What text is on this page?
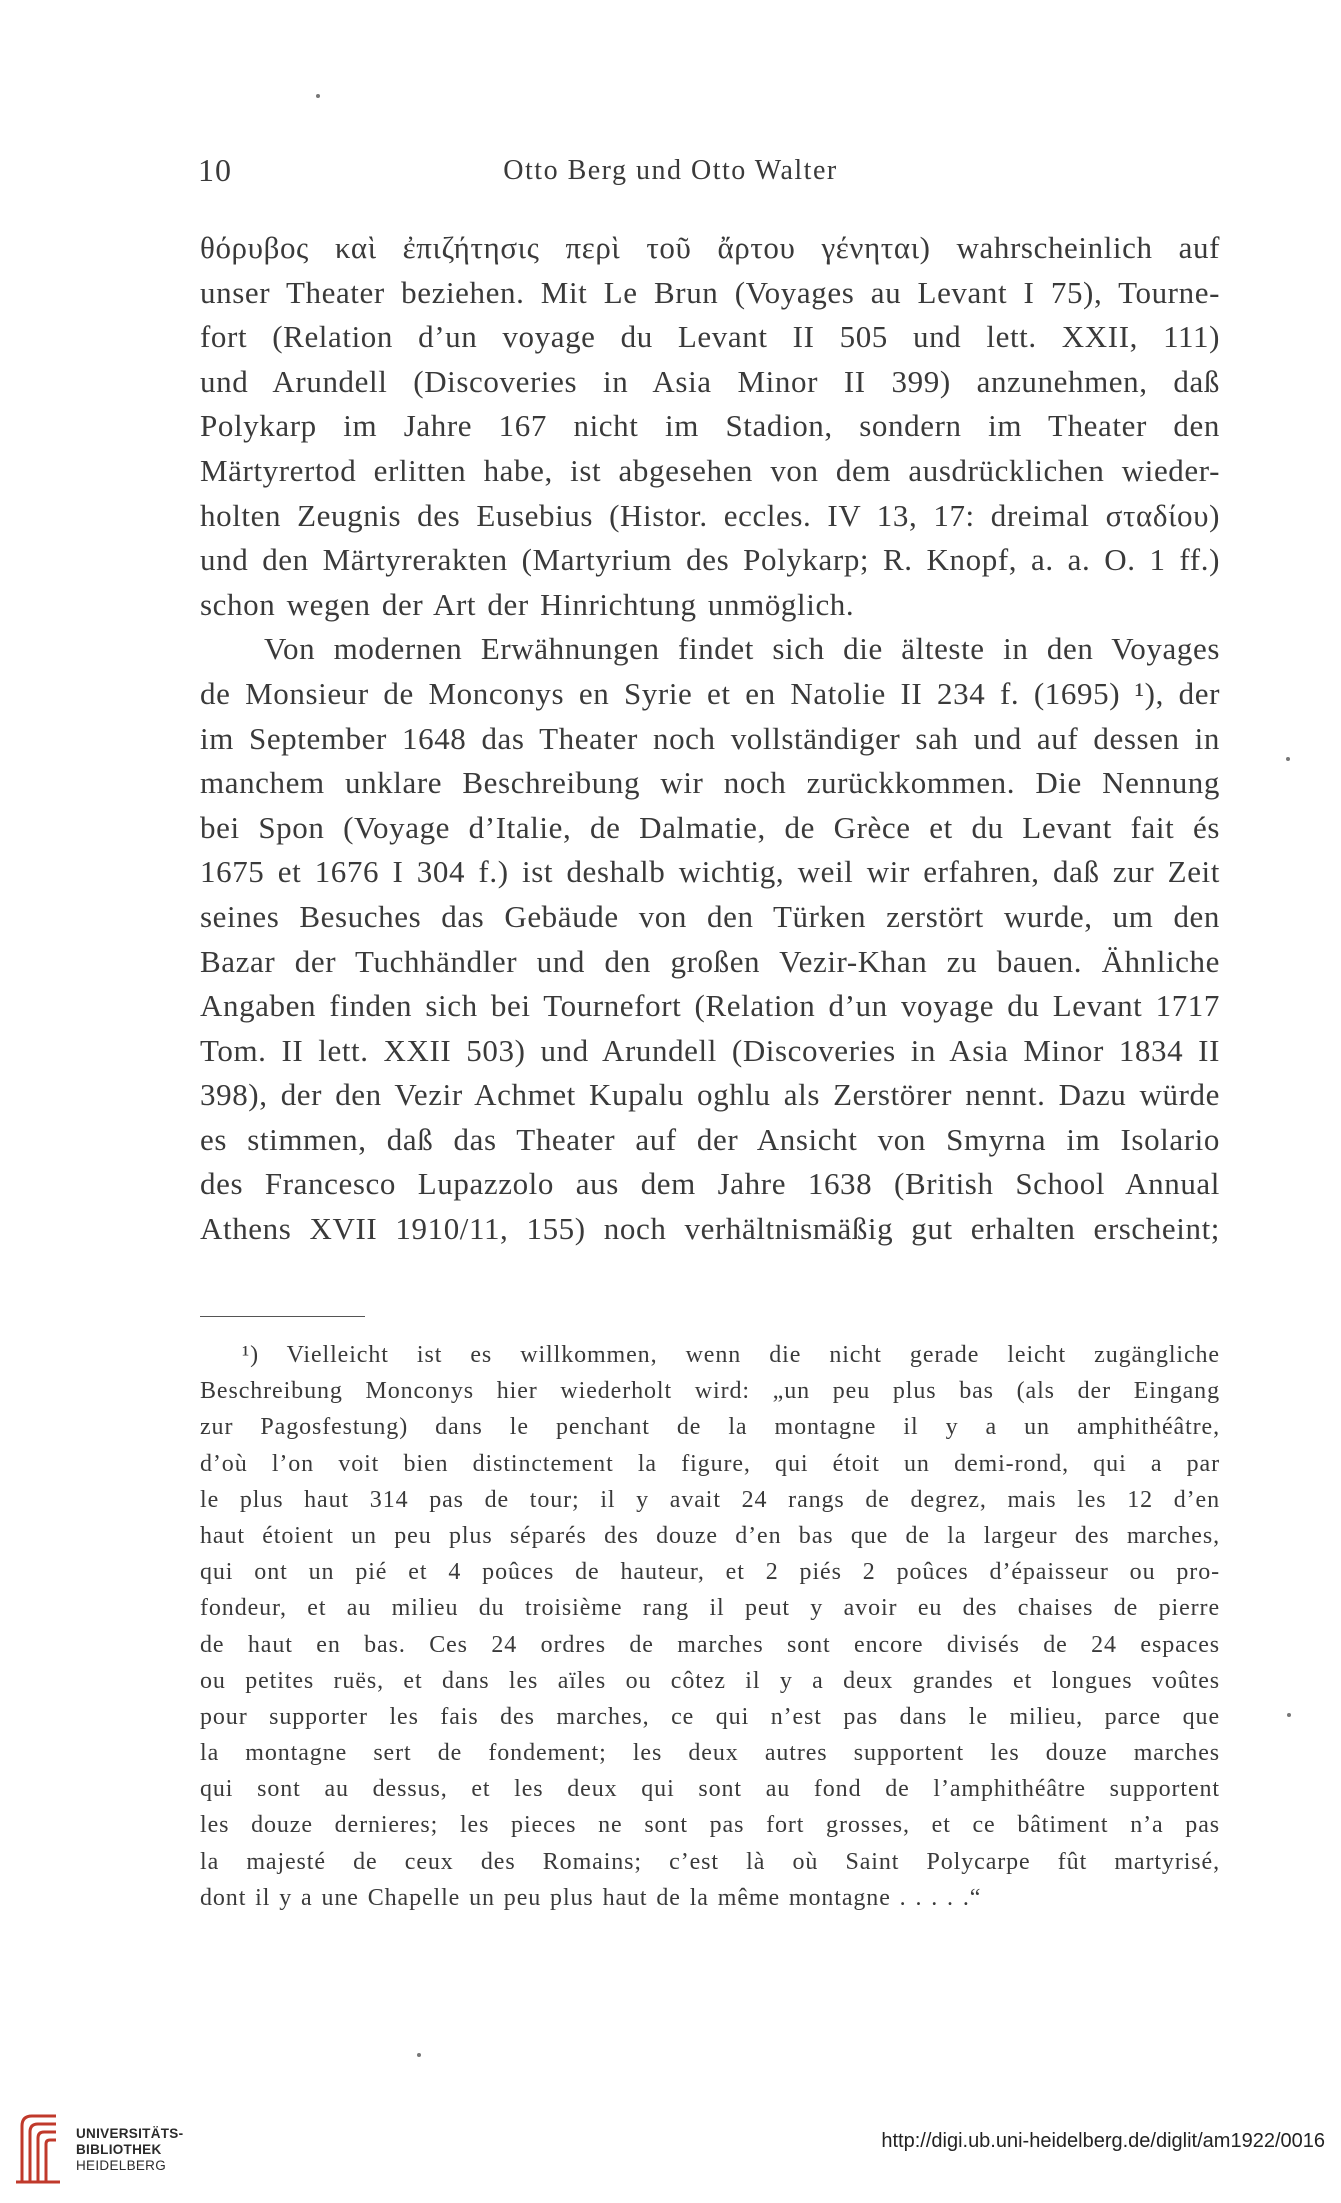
10	Otto Berg und Otto Walter
θόρυβος καὶ ἐπιζήτησις περὶ τοῦ ἄρτου γένηται) wahrscheinlich auf
unser Theater beziehen. Mit Le Brun (Voyages au Levant I 75), Tourne-
fort (Relation d’un voyage du Levant II 505 und lett. XXII, 111)
und Arundell (Discoveries in Asia Minor II 399) anzunehmen, daß
Polykarp im Jahre 167 nicht im Stadion, sondern im Theater den
Märtyrertod erlitten habe, ist abgesehen von dem ausdrücklichen wieder-
holten Zeugnis des Eusebius (Histor. eccles. IV 13, 17: dreimal σταδίου)
und den Märtyrerakten (Martyrium des Polykarp; R. Knopf, a. a. O. 1 ff.)
schon wegen der Art der Hinrichtung unmöglich.
Von modernen Erwähnungen findet sich die älteste in den Voyages
de Monsieur de Monconys en Syrie et en Natolie II 234 f. (1695) ¹), der
im September 1648 das Theater noch vollständiger sah und auf dessen in
manchem unklare Beschreibung wir noch zurückkommen. Die Nennung
bei Spon (Voyage d’Italie, de Dalmatie, de Grèce et du Levant fait és
1675 et 1676 I 304 f.) ist deshalb wichtig, weil wir erfahren, daß zur Zeit
seines Besuches das Gebäude von den Türken zerstört wurde, um den
Bazar der Tuchhändler und den großen Vezir-Khan zu bauen. Ähnliche
Angaben finden sich bei Tournefort (Relation d’un voyage du Levant 1717
Tom. II lett. XXII 503) und Arundell (Discoveries in Asia Minor 1834 II
398), der den Vezir Achmet Kupalu oghlu als Zerstörer nennt. Dazu würde
es stimmen, daß das Theater auf der Ansicht von Smyrna im Isolario
des Francesco Lupazzolo aus dem Jahre 1638 (British School Annual
Athens XVII 1910/11, 155) noch verhältnismäßig gut erhalten erscheint;
¹) Vielleicht ist es willkommen, wenn die nicht gerade leicht zugängliche
Beschreibung Monconys hier wiederholt wird: „un peu plus bas (als der Eingang
zur Pagosfestung) dans le penchant de la montagne il y a un amphithéâtre,
d’où l’on voit bien distinctement la figure, qui étoit un demi-rond, qui a par
le plus haut 314 pas de tour; il y avait 24 rangs de degrez, mais les 12 d’en
haut étoient un peu plus séparés des douze d’en bas que de la largeur des marches,
qui ont un pié et 4 poûces de hauteur, et 2 piés 2 poûces d’épaisseur ou pro-
fondeur, et au milieu du troisième rang il peut y avoir eu des chaises de pierre
de haut en bas. Ces 24 ordres de marches sont encore divisés de 24 espaces
ou petites ruës, et dans les aïles ou côtez il y a deux grandes et longues voûtes
pour supporter les fais des marches, ce qui n’est pas dans le milieu, parce que
la montagne sert de fondement; les deux autres supportent les douze marches
qui sont au dessus, et les deux qui sont au fond de l’amphithéâtre supportent
les douze dernieres; les pieces ne sont pas fort grosses, et ce bâtiment n’a pas
la majesté de ceux des Romains; c’est là où Saint Polycarpe fût martyrisé,
dont il y a une Chapelle un peu plus haut de la même montagne . . . . .“
UNIVERSITÄTS-
BIBLIOTHEK
HEIDELBERG
http://digi.ub.uni-heidelberg.de/diglit/am1922/0016
